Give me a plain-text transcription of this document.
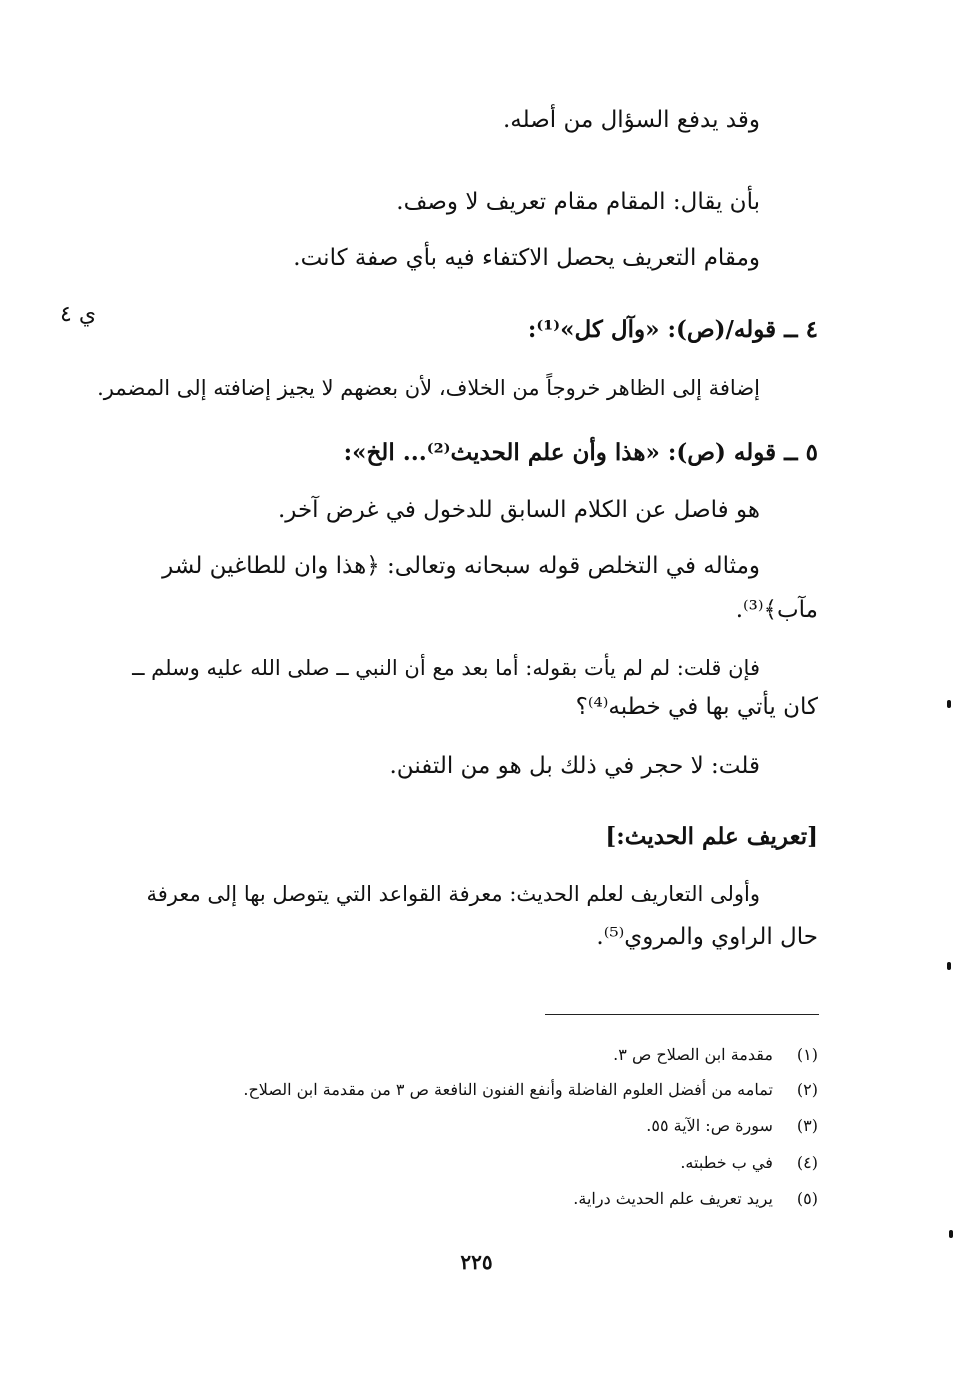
ي ٤
وقد يدفع السؤال من أصله.
بأن يقال: المقام مقام تعريف لا وصف.
ومقام التعريف يحصل الاكتفاء فيه بأي صفة كانت.
٤ ــ قوله/(ص): «وآل كل»⁽¹⁾:
إضافة إلى الظاهر خروجاً من الخلاف، لأن بعضهم لا يجيز إضافته إلى المضمر.
٥ ــ قوله (ص): «هذا وأن علم الحديث⁽²⁾... الخ»:
هو فاصل عن الكلام السابق للدخول في غرض آخر.
ومثاله في التخلص قوله سبحانه وتعالى: ﴿هذا وان للطاغين لشر
مآب﴾⁽³⁾.
فإن قلت: لم لم يأت بقوله: أما بعد مع أن النبي ــ صلى الله عليه وسلم ــ
كان يأتي بها في خطبه⁽⁴⁾؟
قلت: لا حجر في ذلك بل هو من التفنن.
[تعريف علم الحديث:]
وأولى التعاريف لعلم الحديث: معرفة القواعد التي يتوصل بها إلى معرفة
حال الراوي والمروي⁽⁵⁾.
(١) مقدمة ابن الصلاح ص ٣.
(٢) تمامه من أفضل العلوم الفاضلة وأنفع الفنون النافعة ص ٣ من مقدمة ابن الصلاح.
(٣) سورة ص: الآية ٥٥.
(٤) في ب خطبته.
(٥) يريد تعريف علم الحديث دراية.
٢٢٥
